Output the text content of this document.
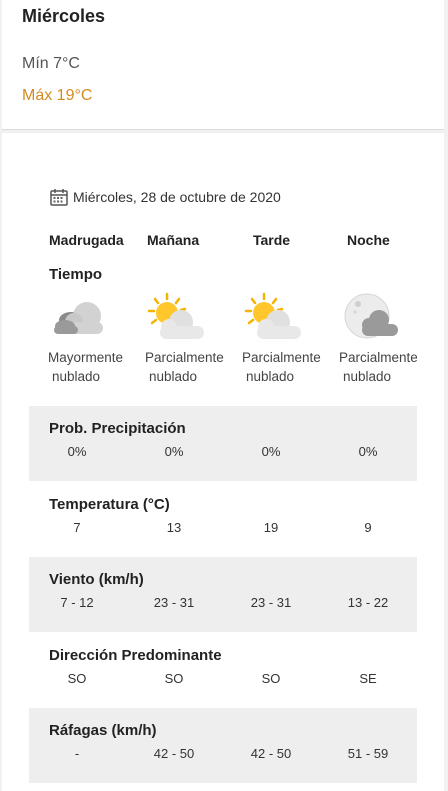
Miércoles
Mín 7°C
Máx 19°C
Miércoles, 28 de octubre de 2020
Madrugada Mañana	Tarde	Noche
Tiempo
Mayormente
nublado
Parcialmente
nublado
Parcialmente
nublado
Parcialmente
nublado
Prob. Precipitación
0%	0%	0%	0%
Temperatura (°C)
7	13	19	9
Viento (km/h)
7 - 12	23 - 31	23 - 31	13 - 22
Dirección Predominante
SO	SO	SO	SE
Ráfagas (km/h)
-	42 - 50	42 - 50	51 - 59
